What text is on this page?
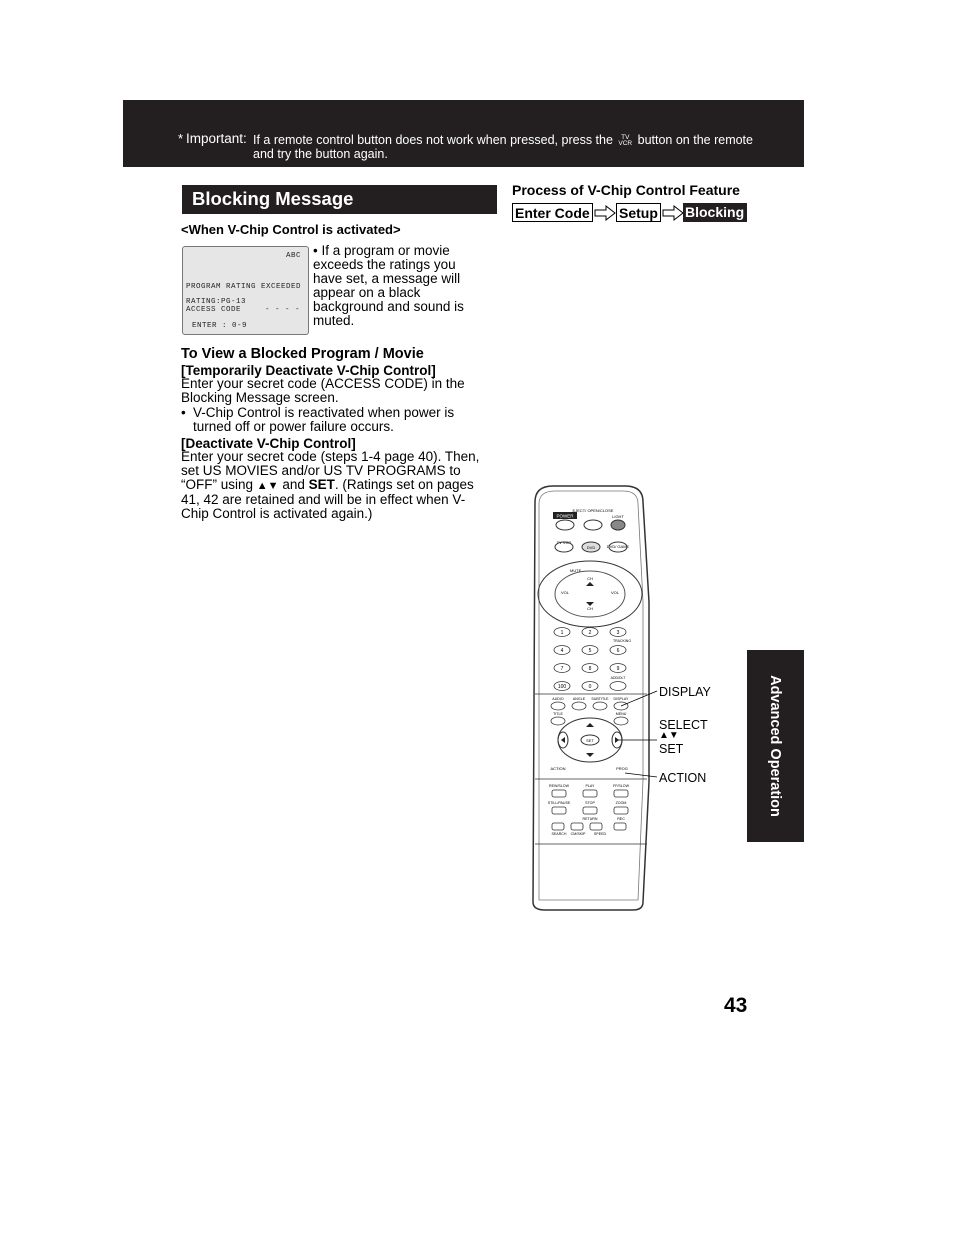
* Important: If a remote control button does not work when pressed, press the TV
VCR button on the remote
and try the button again.
Blocking Message
<When V-Chip Control is activated>
ABC
PROGRAM RATING EXCEEDED
RATING:PG-13
ACCESS CODE	- - - -
ENTER : 0-9
• If a program or movie exceeds the ratings you have set, a message will appear on a black background and sound is muted.
To View a Blocked Program / Movie
[Temporarily Deactivate V-Chip Control]
Enter your secret code (ACCESS CODE) in the Blocking Message screen.
• V-Chip Control is reactivated when power is turned off or power failure occurs.
[Deactivate V-Chip Control]
Enter your secret code (steps 1-4 page 40). Then, set US MOVIES and/or US TV PROGRAMS to “OFF” using ▲▼ and SET. (Ratings set on pages 41, 42 are retained and will be in effect when V-Chip Control is activated again.)
Process of V-Chip Control Feature
Enter Code Setup Blocking
POWER
EJECT/ OPEN/CLOSE
LIGHT
TV VCR
DVD	DVD/ GAME
MUTE
CH
CH
VOL	VOL
1	2	3
4	5	6
7	8	9
100	0
TRACKING
ADD/DLT
AUDIO	ANGLE SUBTITLE DISPLAY
TITLE	MENU
SET
ACTION	PROG
REW/SLOW	PLAY	FF/SLOW
STILL/PAUSE	STOP	ZOOM
RETURN	REC
SEARCH CM/SKIP SPEED
DISPLAY
SELECT
▲▼
SET
ACTION	Advanced Operation
43
